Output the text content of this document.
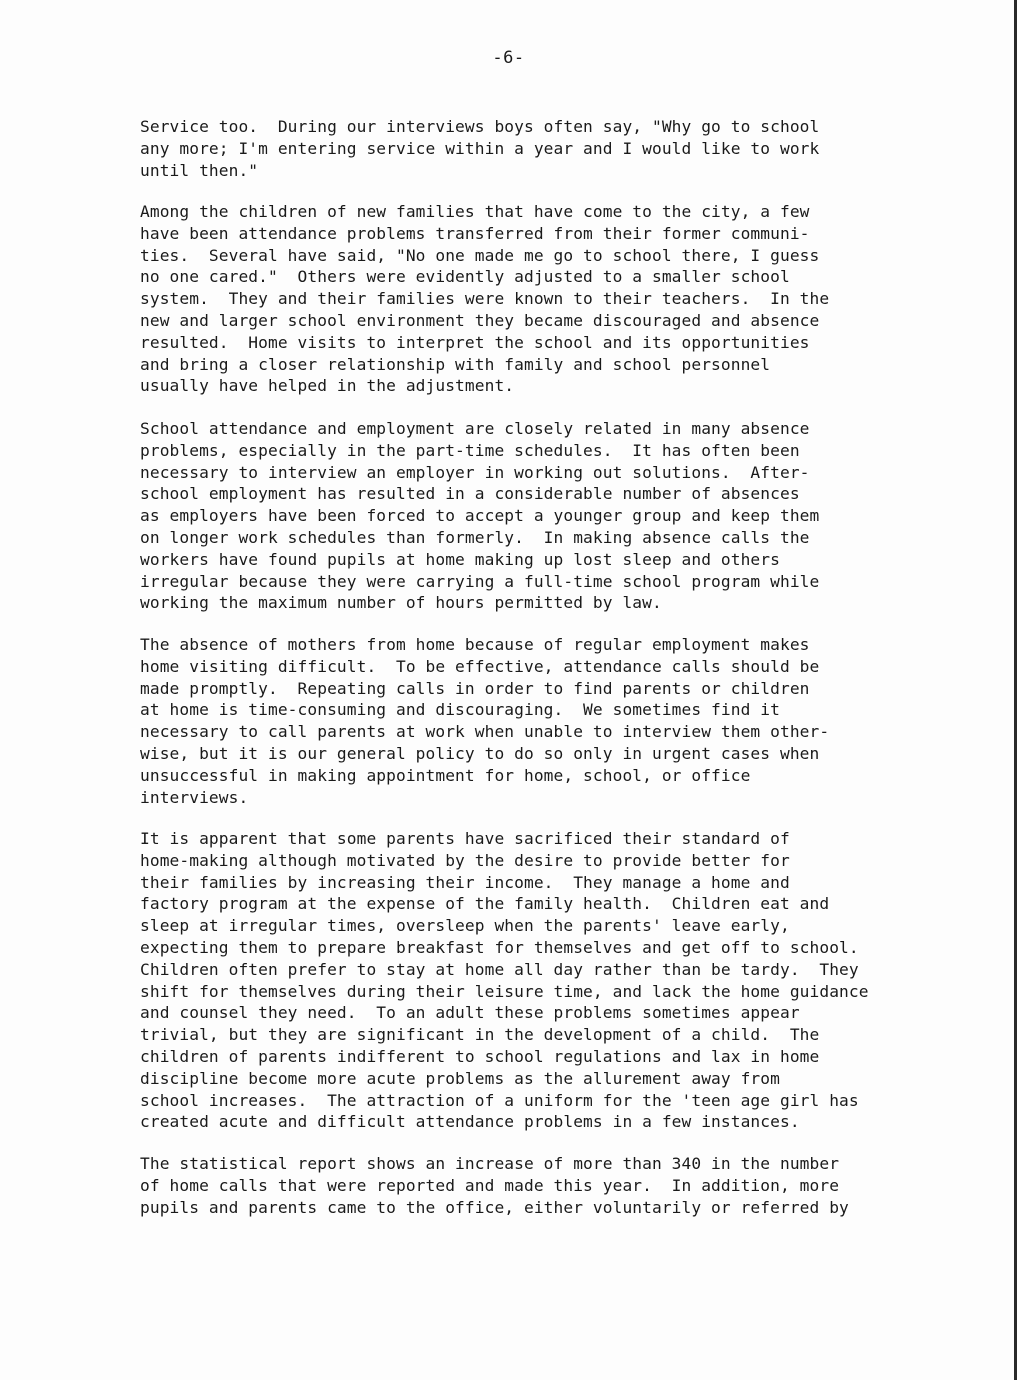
-6-
Service too.  During our interviews boys often say, "Why go to school
any more; I'm entering service within a year and I would like to work
until then."
Among the children of new families that have come to the city, a few
have been attendance problems transferred from their former communi-
ties.  Several have said, "No one made me go to school there, I guess
no one cared."  Others were evidently adjusted to a smaller school
system.  They and their families were known to their teachers.  In the
new and larger school environment they became discouraged and absence
resulted.  Home visits to interpret the school and its opportunities
and bring a closer relationship with family and school personnel
usually have helped in the adjustment.
School attendance and employment are closely related in many absence
problems, especially in the part-time schedules.  It has often been
necessary to interview an employer in working out solutions.  After-
school employment has resulted in a considerable number of absences
as employers have been forced to accept a younger group and keep them
on longer work schedules than formerly.  In making absence calls the
workers have found pupils at home making up lost sleep and others
irregular because they were carrying a full-time school program while
working the maximum number of hours permitted by law.
The absence of mothers from home because of regular employment makes
home visiting difficult.  To be effective, attendance calls should be
made promptly.  Repeating calls in order to find parents or children
at home is time-consuming and discouraging.  We sometimes find it
necessary to call parents at work when unable to interview them other-
wise, but it is our general policy to do so only in urgent cases when
unsuccessful in making appointment for home, school, or office
interviews.
It is apparent that some parents have sacrificed their standard of
home-making although motivated by the desire to provide better for
their families by increasing their income.  They manage a home and
factory program at the expense of the family health.  Children eat and
sleep at irregular times, oversleep when the parents' leave early,
expecting them to prepare breakfast for themselves and get off to school.
Children often prefer to stay at home all day rather than be tardy.  They
shift for themselves during their leisure time, and lack the home guidance
and counsel they need.  To an adult these problems sometimes appear
trivial, but they are significant in the development of a child.  The
children of parents indifferent to school regulations and lax in home
discipline become more acute problems as the allurement away from
school increases.  The attraction of a uniform for the 'teen age girl has
created acute and difficult attendance problems in a few instances.
The statistical report shows an increase of more than 340 in the number
of home calls that were reported and made this year.  In addition, more
pupils and parents came to the office, either voluntarily or referred by
